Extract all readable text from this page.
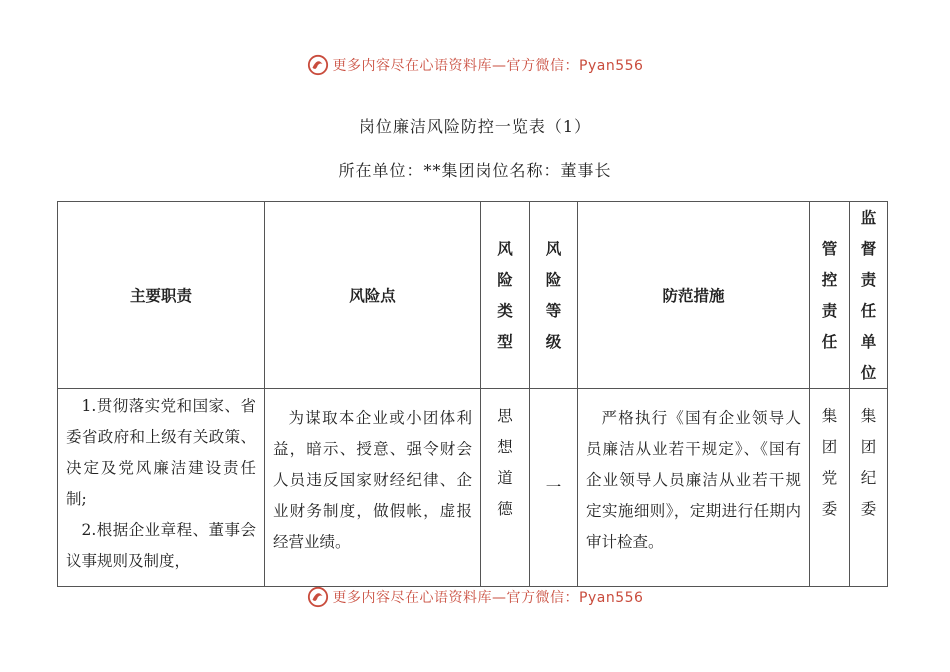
更多内容尽在心语资料库—官方微信：Pyan556
岗位廉洁风险防控一览表（1）
所在单位：**集团岗位名称：董事长
主要职责	风险点	风险类型	风险等级	防范措施	管控责任	监督责任单位

1.贯彻落实党和国家、省委省政府和上级有关政策、决定及党风廉洁建设责任制;
2.根据企业章程、董事会议事规则及制度，	为谋取本企业或小团体利益，暗示、授意、强令财会人员违反国家财经纪律、企业财务制度，做假帐，虚报经营业绩。	思想道德	一	严格执行《国有企业领导人员廉洁从业若干规定》、《国有企业领导人员廉洁从业若干规定实施细则》，定期进行任期内审计检查。	集团党委	集团纪委
更多内容尽在心语资料库—官方微信：Pyan556
